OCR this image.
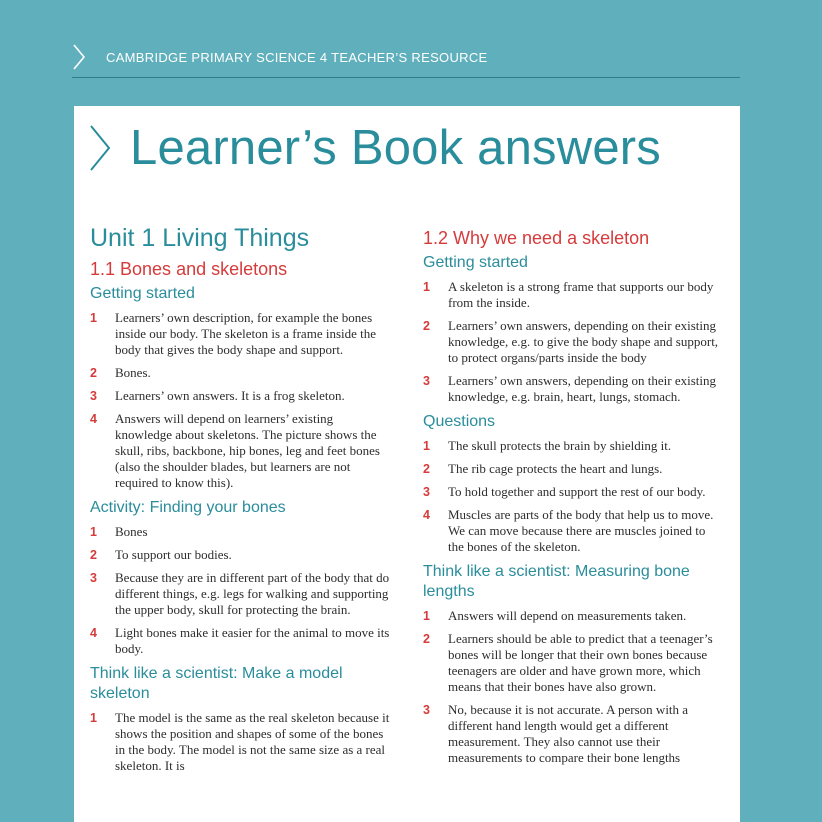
CAMBRIDGE PRIMARY SCIENCE 4 TEACHER’S RESOURCE
Learner’s Book answers
Unit 1 Living Things
1.1 Bones and skeletons
Getting started
1 Learners’ own description, for example the bones inside our body. The skeleton is a frame inside the body that gives the body shape and support.
2 Bones.
3 Learners’ own answers. It is a frog skeleton.
4 Answers will depend on learners’ existing knowledge about skeletons. The picture shows the skull, ribs, backbone, hip bones, leg and feet bones (also the shoulder blades, but learners are not required to know this).
Activity: Finding your bones
1 Bones
2 To support our bodies.
3 Because they are in different part of the body that do different things, e.g. legs for walking and supporting the upper body, skull for protecting the brain.
4 Light bones make it easier for the animal to move its body.
Think like a scientist: Make a model skeleton
1 The model is the same as the real skeleton because it shows the position and shapes of some of the bones in the body. The model is not the same size as a real skeleton. It is
1.2 Why we need a skeleton
Getting started
1 A skeleton is a strong frame that supports our body from the inside.
2 Learners’ own answers, depending on their existing knowledge, e.g. to give the body shape and support, to protect organs/parts inside the body
3 Learners’ own answers, depending on their existing knowledge, e.g. brain, heart, lungs, stomach.
Questions
1 The skull protects the brain by shielding it.
2 The rib cage protects the heart and lungs.
3 To hold together and support the rest of our body.
4 Muscles are parts of the body that help us to move. We can move because there are muscles joined to the bones of the skeleton.
Think like a scientist: Measuring bone lengths
1 Answers will depend on measurements taken.
2 Learners should be able to predict that a teenager’s bones will be longer that their own bones because teenagers are older and have grown more, which means that their bones have also grown.
3 No, because it is not accurate. A person with a different hand length would get a different measurement. They also cannot use their measurements to compare their bone lengths
